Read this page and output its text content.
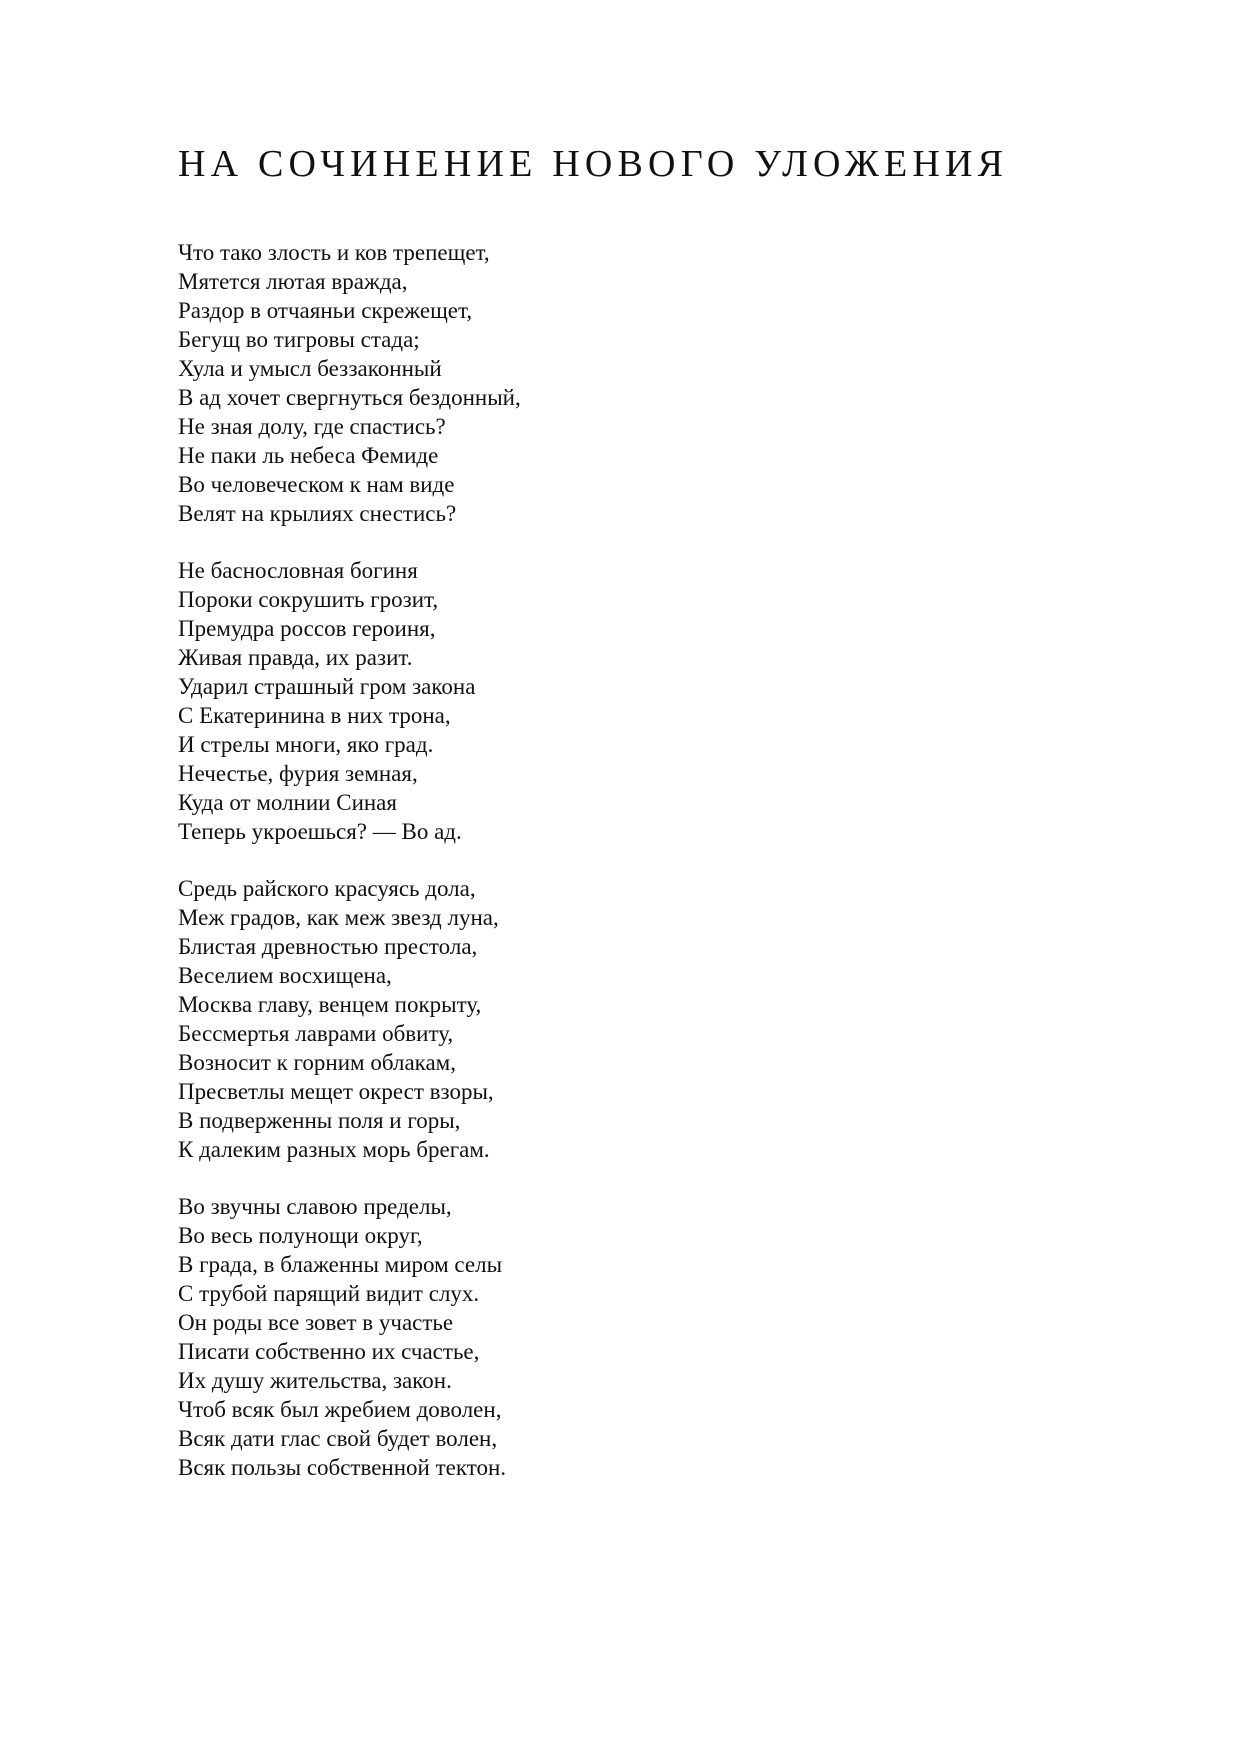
НА СОЧИНЕНИЕ НОВОГО УЛОЖЕНИЯ
Что тако злость и ков трепещет,
Мятется лютая вражда,
Раздор в отчаяньи скрежещет,
Бегущ во тигровы стада;
Хула и умысл беззаконный
В ад хочет свергнуться бездонный,
Не зная долу, где спастись?
Не паки ль небеса Фемиде
Во человеческом к нам виде
Велят на крылиях снестись?
Не баснословная богиня
Пороки сокрушить грозит,
Премудра россов героиня,
Живая правда, их разит.
Ударил страшный гром закона
С Екатеринина в них трона,
И стрелы многи, яко град.
Нечестье, фурия земная,
Куда от молнии Синая
Теперь укроешься? — Во ад.
Средь райского красуясь дола,
Меж градов, как меж звезд луна,
Блистая древностью престола,
Веселием восхищена,
Москва главу, венцем покрыту,
Бессмертья лаврами обвиту,
Возносит к горним облакам,
Пресветлы мещет окрест взоры,
В подверженны поля и горы,
К далеким разных морь брегам.
Во звучны славою пределы,
Во весь полунощи округ,
В града, в блаженны миром селы
С трубой парящий видит слух.
Он роды все зовет в участье
Писати собственно их счастье,
Их душу жительства, закон.
Чтоб всяк был жребием доволен,
Всяк дати глас свой будет волен,
Всяк пользы собственной тектон.
